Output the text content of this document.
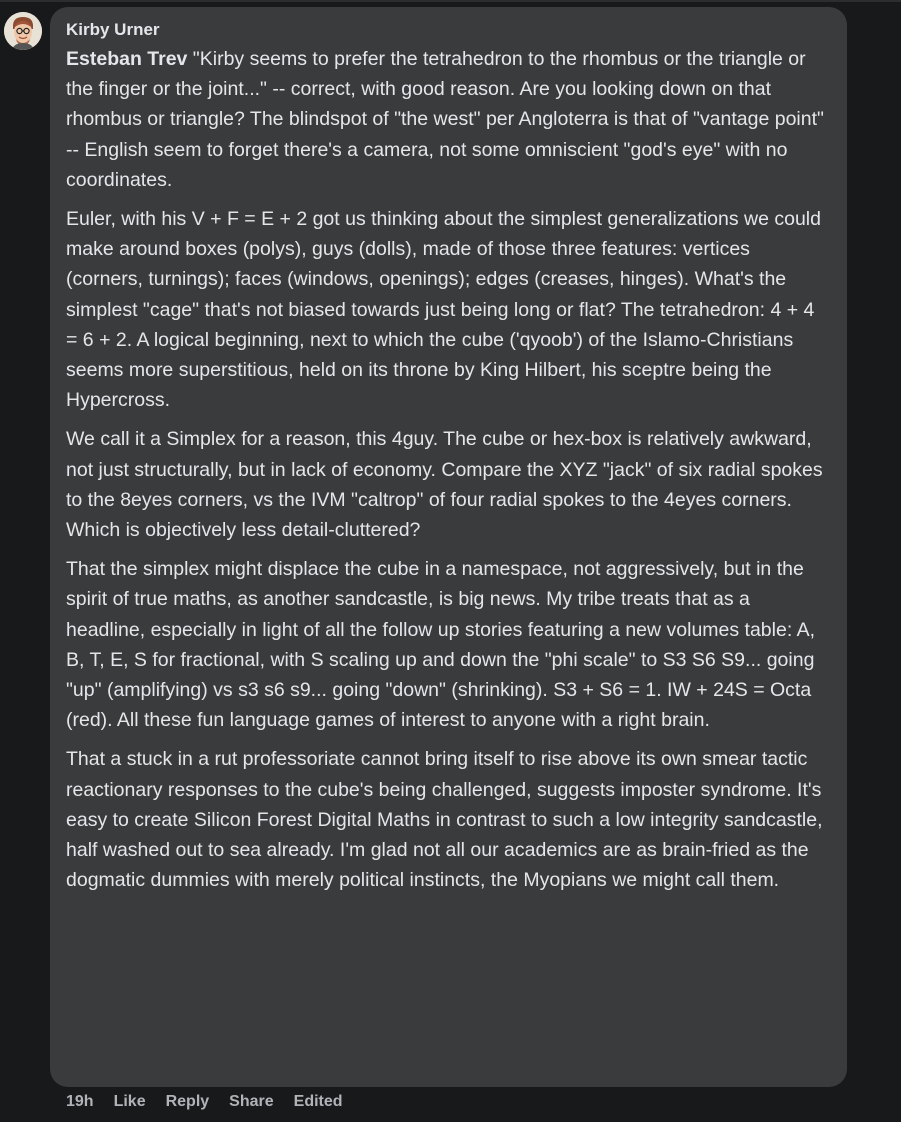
Kirby Urner

Esteban Trev "Kirby seems to prefer the tetrahedron to the rhombus or the triangle or the finger or the joint..." -- correct, with good reason. Are you looking down on that rhombus or triangle? The blindspot of "the west" per Angloterra is that of "vantage point" -- English seem to forget there's a camera, not some omniscient "god's eye" with no coordinates.

Euler, with his V + F = E + 2 got us thinking about the simplest generalizations we could make around boxes (polys), guys (dolls), made of those three features: vertices (corners, turnings); faces (windows, openings); edges (creases, hinges). What's the simplest "cage" that's not biased towards just being long or flat? The tetrahedron: 4 + 4 = 6 + 2. A logical beginning, next to which the cube ('qyoob') of the Islamo-Christians seems more superstitious, held on its throne by King Hilbert, his sceptre being the Hypercross.

We call it a Simplex for a reason, this 4guy. The cube or hex-box is relatively awkward, not just structurally, but in lack of economy. Compare the XYZ "jack" of six radial spokes to the 8eyes corners, vs the IVM "caltrop" of four radial spokes to the 4eyes corners. Which is objectively less detail-cluttered?

That the simplex might displace the cube in a namespace, not aggressively, but in the spirit of true maths, as another sandcastle, is big news. My tribe treats that as a headline, especially in light of all the follow up stories featuring a new volumes table: A, B, T, E, S for fractional, with S scaling up and down the "phi scale" to S3 S6 S9... going "up" (amplifying) vs s3 s6 s9... going "down" (shrinking). S3 + S6 = 1. IW + 24S = Octa (red). All these fun language games of interest to anyone with a right brain.

That a stuck in a rut professoriate cannot bring itself to rise above its own smear tactic reactionary responses to the cube's being challenged, suggests imposter syndrome. It's easy to create Silicon Forest Digital Maths in contrast to such a low integrity sandcastle, half washed out to sea already. I'm glad not all our academics are as brain-fried as the dogmatic dummies with merely political instincts, the Myopians we might call them.

19h Like Reply Share Edited
